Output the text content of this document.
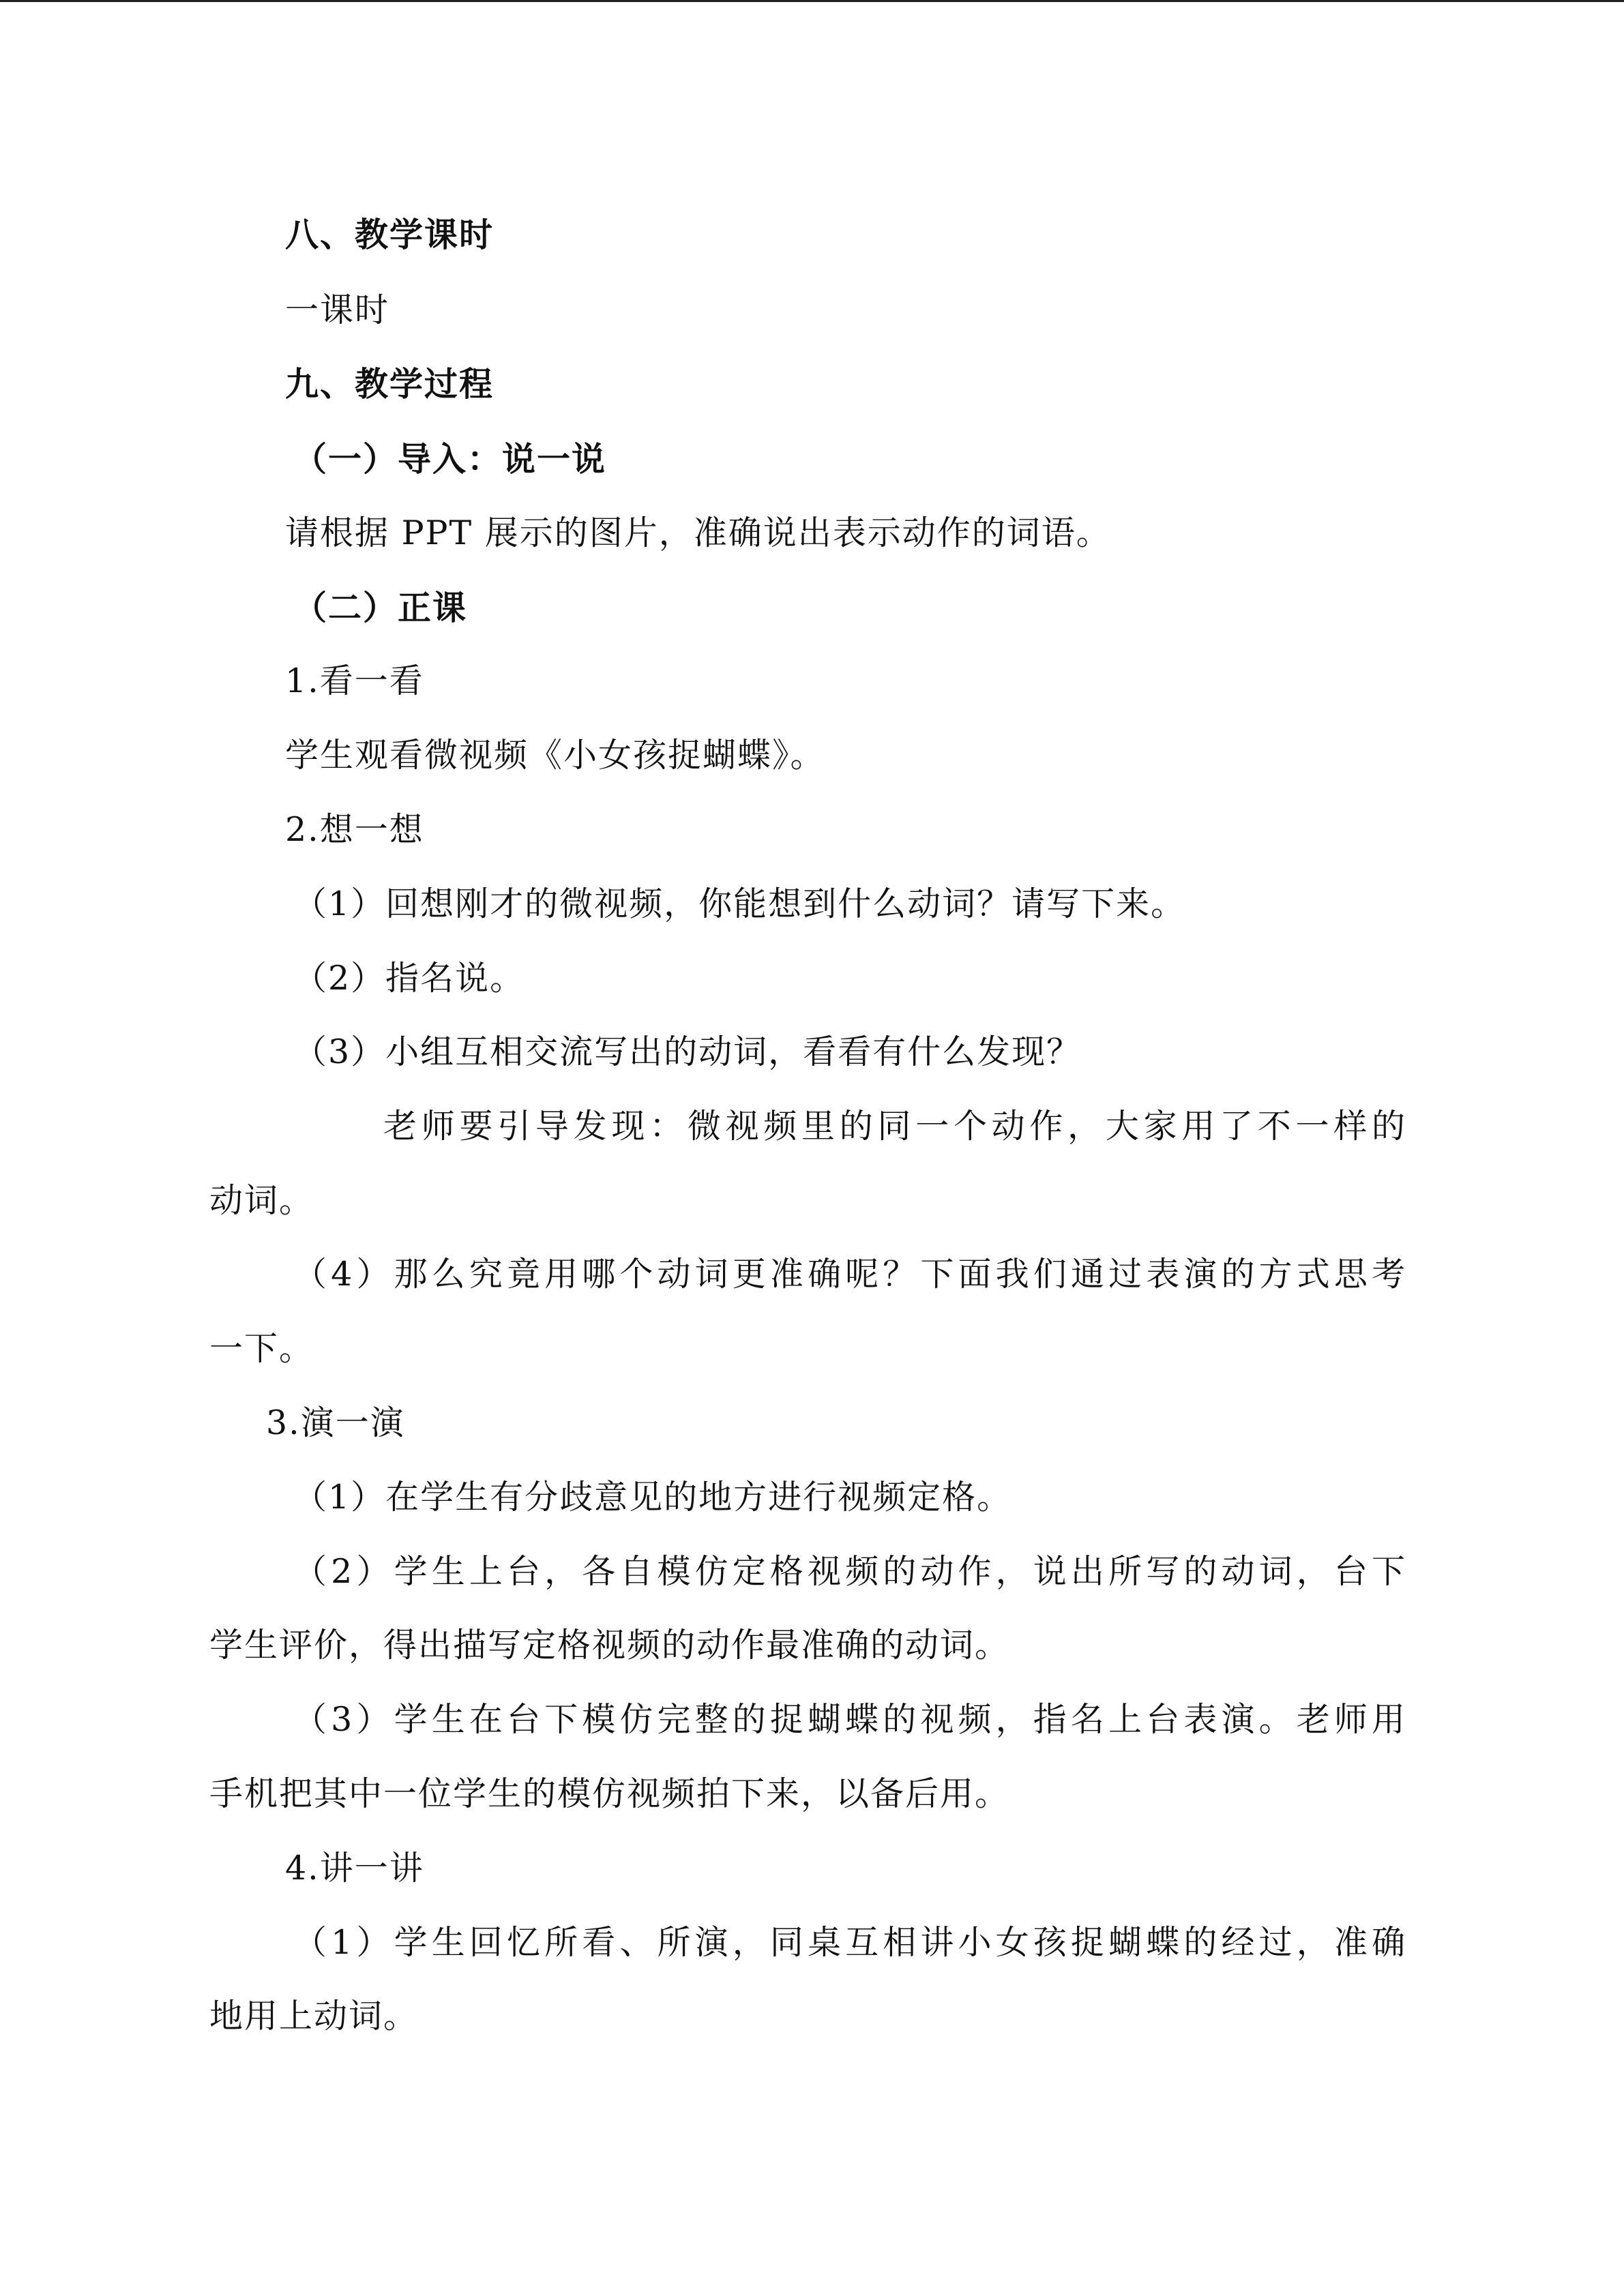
八、教学课时
一课时
九、教学过程
（一）导入：说一说
请根据 PPT 展示的图片，准确说出表示动作的词语。
（二）正课
1.看一看
学生观看微视频《小女孩捉蝴蝶》。
2.想一想
（1）回想刚才的微视频，你能想到什么动词？请写下来。
（2）指名说。
（3）小组互相交流写出的动词，看看有什么发现？
老师要引导发现：微视频里的同一个动作，大家用了不一样的
动词。
（4）那么究竟用哪个动词更准确呢？下面我们通过表演的方式思考
一下。
3.演一演
（1）在学生有分歧意见的地方进行视频定格。
（2）学生上台，各自模仿定格视频的动作，说出所写的动词，台下
学生评价，得出描写定格视频的动作最准确的动词。
（3）学生在台下模仿完整的捉蝴蝶的视频，指名上台表演。老师用
手机把其中一位学生的模仿视频拍下来，以备后用。
4.讲一讲
（1）学生回忆所看、所演，同桌互相讲小女孩捉蝴蝶的经过，准确
地用上动词。
